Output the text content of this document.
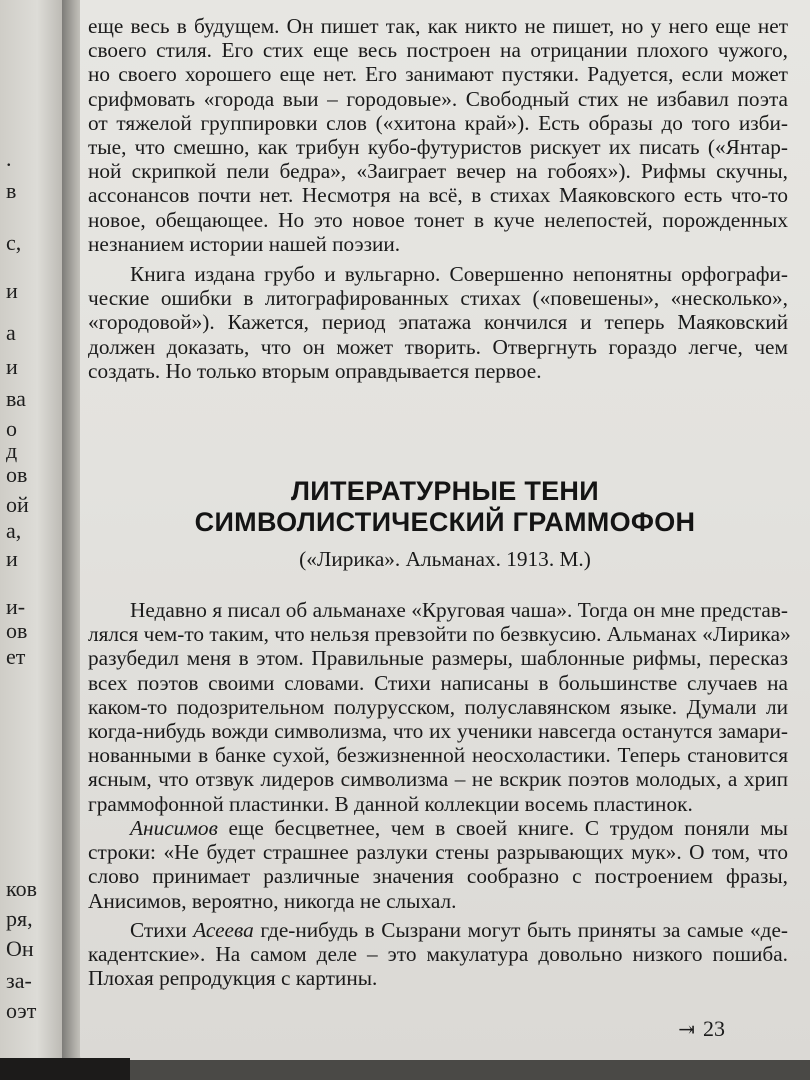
.
в
с,
и
а
и
ва
о
д
ов
ой
а,
и
и-
ов
ет
ков
ря,
Он
за-
оэт
еще весь в будущем. Он пишет так, как никто не пишет, но у него еще нет
своего стиля. Его стих еще весь построен на отрицании плохого чужого,
но своего хорошего еще нет. Его занимают пустяки. Радуется, если может
срифмовать «города выи – городовые». Свободный стих не избавил поэта
от тяжелой группировки слов («хитона край»). Есть образы до того изби-
тые, что смешно, как трибун кубо-футуристов рискует их писать («Янтар-
ной скрипкой пели бедра», «Заиграет вечер на гобоях»). Рифмы скучны,
ассонансов почти нет. Несмотря на всё, в стихах Маяковского есть что-то
новое, обещающее. Но это новое тонет в куче нелепостей, порожденных
незнанием истории нашей поэзии.
Книга издана грубо и вульгарно. Совершенно непонятны орфографи-
ческие ошибки в литографированных стихах («повешены», «несколько»,
«городовой»). Кажется, период эпатажа кончился и теперь Маяковский
должен доказать, что он может творить. Отвергнуть гораздо легче, чем
создать. Но только вторым оправдывается первое.
ЛИТЕРАТУРНЫЕ ТЕНИ
СИМВОЛИСТИЧЕСКИЙ ГРАММОФОН
(«Лирика». Альманах. 1913. М.)
Недавно я писал об альманахе «Круговая чаша». Тогда он мне представ-
лялся чем-то таким, что нельзя превзойти по безвкусию. Альманах «Лирика»
разубедил меня в этом. Правильные размеры, шаблонные рифмы, пересказ
всех поэтов своими словами. Стихи написаны в большинстве случаев на
каком-то подозрительном полурусском, полуславянском языке. Думали ли
когда-нибудь вожди символизма, что их ученики навсегда останутся замари-
нованными в банке сухой, безжизненной неосхоластики. Теперь становится
ясным, что отзвук лидеров символизма – не вскрик поэтов молодых, а хрип
граммофонной пластинки. В данной коллекции восемь пластинок.
Анисимов еще бесцветнее, чем в своей книге. С трудом поняли мы
строки: «Не будет страшнее разлуки стены разрывающих мук». О том, что
слово принимает различные значения сообразно с построением фразы,
Анисимов, вероятно, никогда не слыхал.
Стихи Асеева где-нибудь в Сызрани могут быть приняты за самые «де-
кадентские». На самом деле – это макулатура довольно низкого пошиба.
Плохая репродукция с картины.
⇥ 23
